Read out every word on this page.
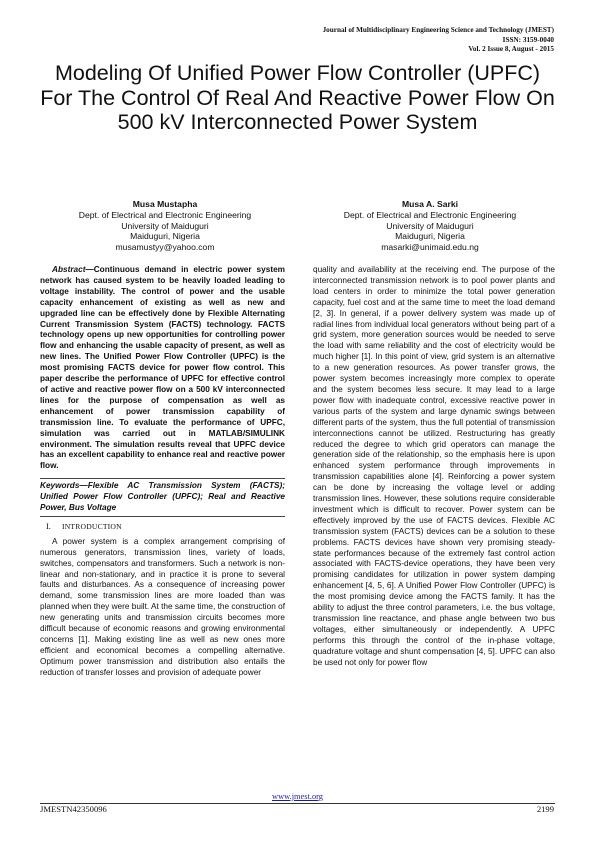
Journal of Multidisciplinary Engineering Science and Technology (JMEST)
ISSN: 3159-0040
Vol. 2 Issue 8, August - 2015
Modeling Of Unified Power Flow Controller (UPFC) For The Control Of Real And Reactive Power Flow On 500 kV Interconnected Power System
Musa Mustapha
Dept. of Electrical and Electronic Engineering
University of Maiduguri
Maiduguri, Nigeria
musamustyy@yahoo.com
Musa A. Sarki
Dept. of Electrical and Electronic Engineering
University of Maiduguri
Maiduguri, Nigeria
masarki@unimaid.edu.ng

Abstract—Continuous demand in electric power system network has caused system to be heavily loaded leading to voltage instability. The control of power and the usable capacity enhancement of existing as well as new and upgraded line can be effectively done by Flexible Alternating Current Transmission System (FACTS) technology. FACTS technology opens up new opportunities for controlling power flow and enhancing the usable capacity of present, as well as new lines. The Unified Power Flow Controller (UPFC) is the most promising FACTS device for power flow control. This paper describe the performance of UPFC for effective control of active and reactive power flow on a 500 kV interconnected lines for the purpose of compensation as well as enhancement of power transmission capability of transmission line. To evaluate the performance of UPFC, simulation was carried out in MATLAB/SIMULINK environment. The simulation results reveal that UPFC device has an excellent capability to enhance real and reactive power flow.

Keywords—Flexible AC Transmission System (FACTS); Unified Power Flow Controller (UPFC); Real and Reactive Power, Bus Voltage

I. INTRODUCTION

A power system is a complex arrangement comprising of numerous generators, transmission lines, variety of loads, switches, compensators and transformers. Such a network is non-linear and non-stationary, and in practice it is prone to several faults and disturbances. As a consequence of increasing power demand, some transmission lines are more loaded than was planned when they were built. At the same time, the construction of new generating units and transmission circuits becomes more difficult because of economic reasons and growing environmental concerns [1]. Making existing line as well as new ones more efficient and economical becomes a compelling alternative. Optimum power transmission and distribution also entails the reduction of transfer losses and provision of adequate power

quality and availability at the receiving end. The purpose of the interconnected transmission network is to pool power plants and load centers in order to minimize the total power generation capacity, fuel cost and at the same time to meet the load demand [2, 3]. In general, if a power delivery system was made up of radial lines from individual local generators without being part of a grid system, more generation sources would be needed to serve the load with same reliability and the cost of electricity would be much higher [1]. In this point of view, grid system is an alternative to a new generation resources. As power transfer grows, the power system becomes increasingly more complex to operate and the system becomes less secure. It may lead to a large power flow with inadequate control, excessive reactive power in various parts of the system and large dynamic swings between different parts of the system, thus the full potential of transmission interconnections cannot be utilized. Restructuring has greatly reduced the degree to which grid operators can manage the generation side of the relationship, so the emphasis here is upon enhanced system performance through improvements in transmission capabilities alone [4]. Reinforcing a power system can be done by increasing the voltage level or adding transmission lines. However, these solutions require considerable investment which is difficult to recover. Power system can be effectively improved by the use of FACTS devices. Flexible AC transmission system (FACTS) devices can be a solution to these problems. FACTS devices have shown very promising steady-state performances because of the extremely fast control action associated with FACTS-device operations, they have been very promising candidates for utilization in power system damping enhancement [4, 5, 6]. A Unified Power Flow Controller (UPFC) is the most promising device among the FACTS family. It has the ability to adjust the three control parameters, i.e. the bus voltage, transmission line reactance, and phase angle between two bus voltages, either simultaneously or independently. A UPFC performs this through the control of the in-phase voltage, quadrature voltage and shunt compensation [4, 5]. UPFC can also be used not only for power flow

www.jmest.org
JMESTN42350096	2199
